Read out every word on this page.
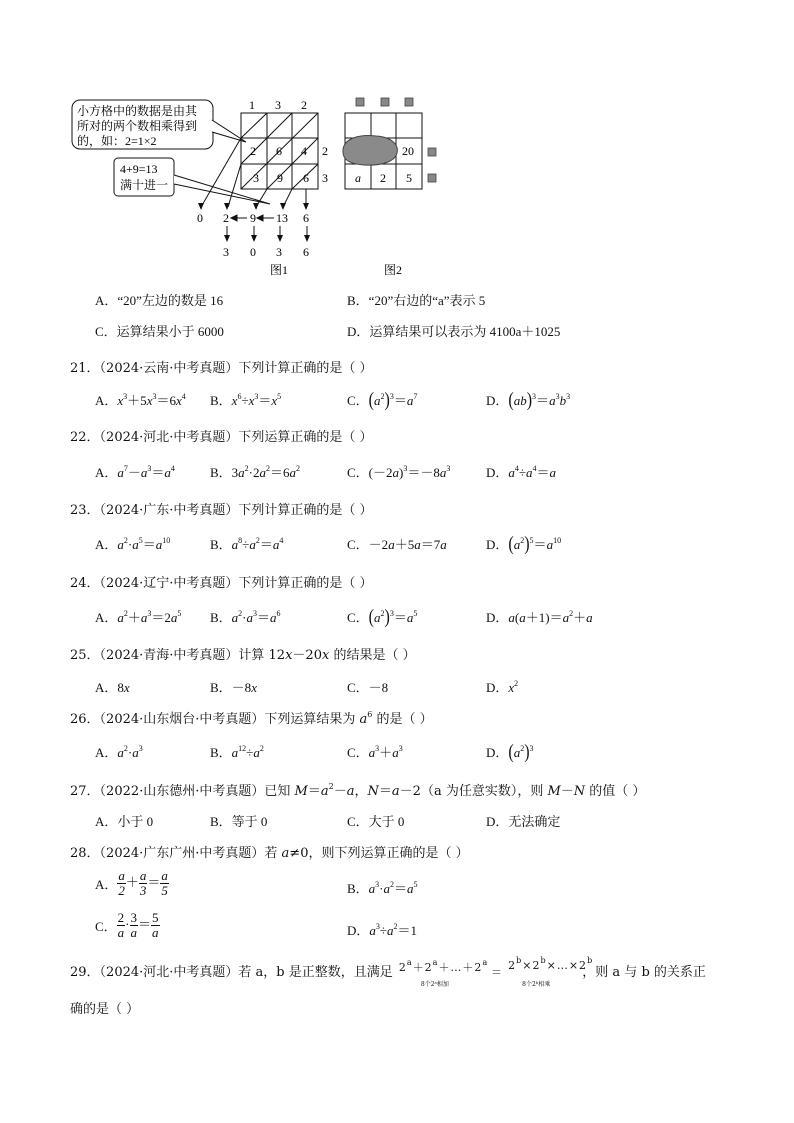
小方格中的数据是由其
所对的两个数相乘得到
的，如：2=1×2
4+9=13
满十进一
1 3 2
2 6 4
3 9 6
2
3
0 2 9 13 6
3 0 3 6
20
a 2 5
图1	图2
A．“20”左边的数是 16	B．“20”右边的“a”表示 5
C．运算结果小于 6000	D．运算结果可以表示为 4100a＋1025
21．（2024·云南·中考真题）下列计算正确的是（ ）
A．$x^3+5x^3=6x^4$ B．$x^6\div x^3=x^5$	C．$(a^2)^3=a^7$	D．$(ab)^3=a^3b^3$
22．（2024·河北·中考真题）下列运算正确的是（ ）
A．$a^7-a^3=a^4$	B．$3a^2\cdot 2a^2=6a^2$	C．$(-2a)^3=-8a^3$	D．$a^4\div a^4=a$
23．（2024·广东·中考真题）下列计算正确的是（ ）
A．$a^2\cdot a^5=a^{10}$	B．$a^8\div a^2=a^4$	C．－2a＋5a＝7a	D．$(a^2)^5=a^{10}$
24．（2024·辽宁·中考真题）下列计算正确的是（ ）
A．$a^2+a^3=2a^5$ B．$a^2\cdot a^3=a^6$	C．$(a^2)^3=a^5$	D．$a(a+1)=a^2+a$
25．（2024·青海·中考真题）计算 12x－20x 的结果是（ ）
A．8x	B．－8x	C．－8	D．$x^2$
26．（2024·山东烟台·中考真题）下列运算结果为 $a^6$ 的是（ ）
A．$a^2\cdot a^3$	B．$a^{12}\div a^2$	C．$a^3+a^3$	D．$(a^2)^3$
27．（2022·山东德州·中考真题）已知 $M=a^2-a$，N＝a－2（a 为任意实数），则 M－N 的值（ ）
A．小于 0	B．等于 0	C．大于 0	D．无法确定
28．（2024·广东广州·中考真题）若 a≠0，则下列运算正确的是（ ）
A． $\frac{a}{2} + \frac{a}{3} = \frac{a}{5}$	B．$a^3\cdot a^2=a^5$
C． $\frac{2}{a} \cdot \frac{3}{a} = \frac{5}{a}$	D．$a^3\div a^2=1$
29．（2024·河北·中考真题）若 a，b 是正整数，且满足 $2^a+2^a+\dots+2^a$
8个2ᵃ相加
＝
$2^b\times 2^b\times\dots\times 2^b$
8个2ᵇ相乘
，则 a 与 b 的关系正
确的是（ ）
